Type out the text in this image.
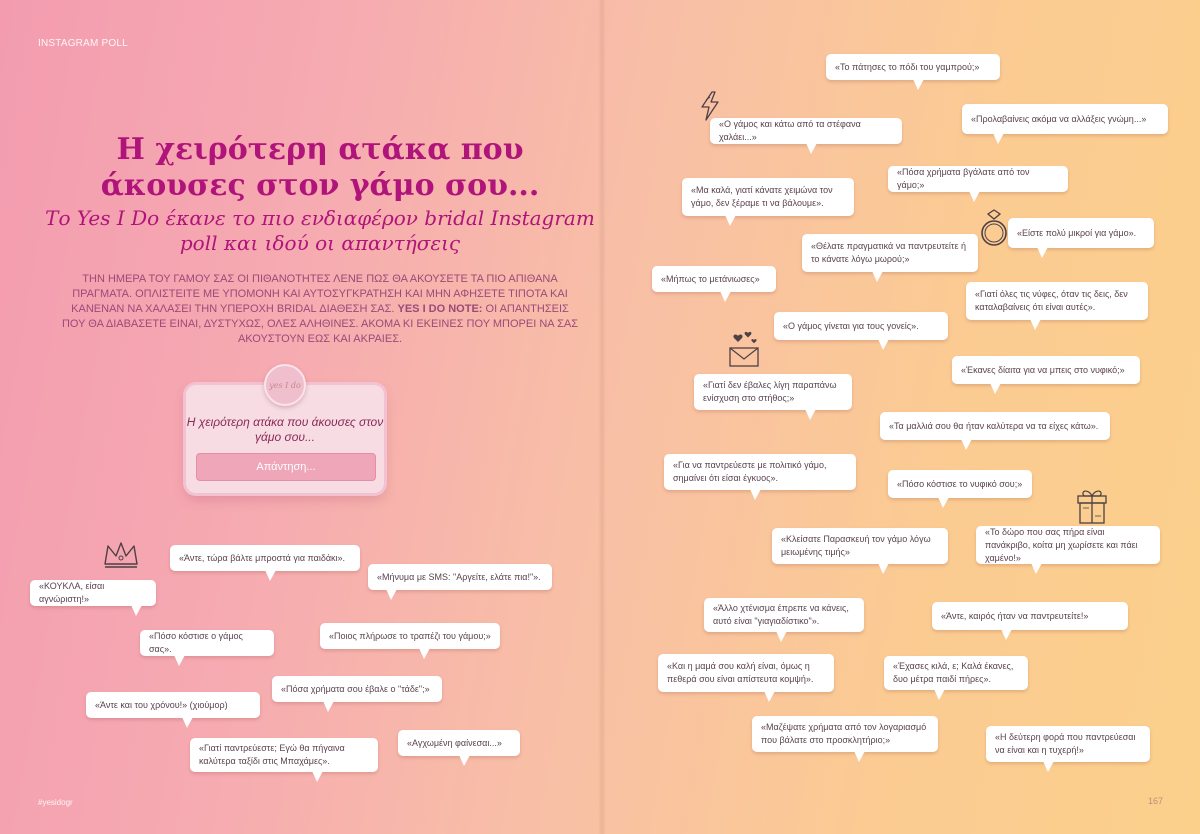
INSTAGRAM POLL
Η χειρότερη ατάκα που άκουσες στον γάμο σου...
Το Yes I Do έκανε το πιο ενδιαφέρον bridal Instagram poll και ιδού οι απαντήσεις
ΤΗΝ ΗΜΕΡΑ ΤΟΥ ΓΑΜΟΥ ΣΑΣ ΟΙ ΠΙΘΑΝΟΤΗΤΕΣ ΛΕΝΕ ΠΩΣ ΘΑ ΑΚΟΥΣΕΤΕ ΤΑ ΠΙΟ ΑΠΙΘΑΝΑ ΠΡΑΓΜΑΤΑ. ΟΠΛΙΣΤΕΙΤΕ ΜΕ ΥΠΟΜΟΝΗ ΚΑΙ ΑΥΤΟΣΥΓΚΡΑΤΗΣΗ ΚΑΙ ΜΗΝ ΑΦΗΣΕΤΕ ΤΙΠΟΤΑ ΚΑΙ ΚΑΝΕΝΑΝ ΝΑ ΧΑΛΑΣΕΙ ΤΗΝ ΥΠΕΡΟΧΗ BRIDAL ΔΙΑΘΕΣΗ ΣΑΣ. YES I DO NOTE: ΟΙ ΑΠΑΝΤΗΣΕΙΣ ΠΟΥ ΘΑ ΔΙΑΒΑΣΕΤΕ ΕΙΝΑΙ, ΔΥΣΤΥΧΩΣ, ΟΛΕΣ ΑΛΗΘΙΝΕΣ. ΑΚΟΜΑ ΚΙ ΕΚΕΙΝΕΣ ΠΟΥ ΜΠΟΡΕΙ ΝΑ ΣΑΣ ΑΚΟΥΣΤΟΥΝ ΕΩΣ ΚΑΙ ΑΚΡΑΙΕΣ.
yes I do
Η χειρότερη ατάκα που άκουσες στον γάμο σου...
Απάντηση...
«Άντε, τώρα βάλτε μπροστά για παιδάκι».
«Μήνυμα με SMS: "Αργείτε, ελάτε πια!"».
«ΚΟΥΚΛΑ, είσαι αγνώριστη!»
«Πόσο κόστισε ο γάμος σας».
«Ποιος πλήρωσε το τραπέζι του γάμου;»
«Πόσα χρήματα σου έβαλε ο "τάδε";»
«Άντε και του χρόνου!» (χιούμορ)
«Γιατί παντρεύεστε; Εγώ θα πήγαινα καλύτερα ταξίδι στις Μπαχάμες».
«Αγχωμένη φαίνεσαι...»
«Το πάτησες το πόδι του γαμπρού;»
«Προλαβαίνεις ακόμα να αλλάξεις γνώμη...»
«Ο γάμος και κάτω από τα στέφανα χαλάει...»
«Πόσα χρήματα βγάλατε από τον γάμο;»
«Μα καλά, γιατί κάνατε χειμώνα τον γάμο, δεν ξέραμε τι να βάλουμε».
«Είστε πολύ μικροί για γάμο».
«Θέλατε πραγματικά να παντρευτείτε ή το κάνατε λόγω μωρού;»
«Μήπως το μετάνιωσες»
«Γιατί όλες τις νύφες, όταν τις δεις, δεν καταλαβαίνεις ότι είναι αυτές».
«Ο γάμος γίνεται για τους γονείς».
«Έκανες δίαιτα για να μπεις στο νυφικό;»
«Γιατί δεν έβαλες λίγη παραπάνω ενίσχυση στο στήθος;»
«Τα μαλλιά σου θα ήταν καλύτερα να τα είχες κάτω».
«Για να παντρεύεστε με πολιτικό γάμο, σημαίνει ότι είσαι έγκυος».
«Πόσο κόστισε το νυφικό σου;»
«Το δώρο που σας πήρα είναι πανάκριβο, κοίτα μη χωρίσετε και πάει χαμένο!»
«Κλείσατε Παρασκευή τον γάμο λόγω μειωμένης τιμής»
«Άλλο χτένισμα έπρεπε να κάνεις, αυτό είναι "γιαγιαδίστικο"».
«Άντε, καιρός ήταν να παντρευτείτε!»
«Και η μαμά σου καλή είναι, όμως η πεθερά σου είναι απίστευτα κομψή».
«Έχασες κιλά, ε; Καλά έκανες, δυο μέτρα παιδί πήρες».
«Μαζέψατε χρήματα από τον λογαριασμό που βάλατε στο προσκλητήριο;»	«Η δεύτερη φορά που παντρεύεσαι να είναι και η τυχερή!»
#yesidogr	167
